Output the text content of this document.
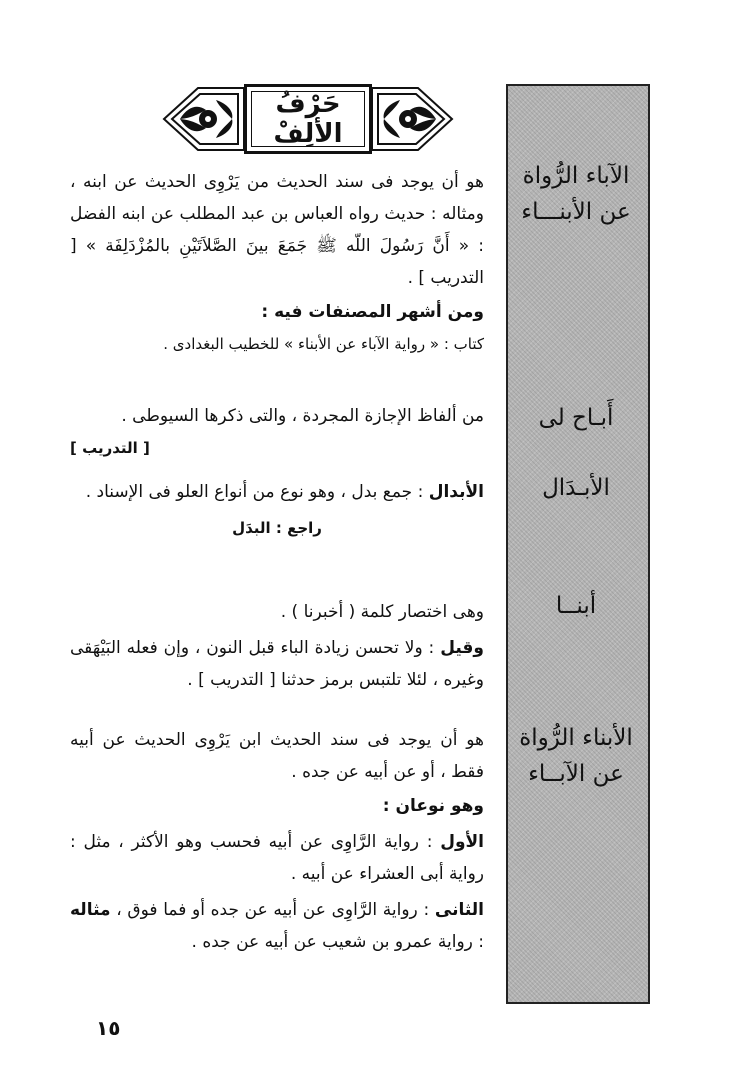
حَرْفُ
الألِفْ
الآباء الرُّواة عن الأبنـــاء
أَبـاح لى
الأبـدَال
أبنــا
الأبناء الرُّواة عن الآبــاء
هو أن يوجد فى سند الحديث من يَرْوِى الحديث عن ابنه ، ومثاله : حديث رواه العباس بن عبد المطلب عن ابنه الفضل : « أَنَّ رَسُولَ اللّه ﷺ جَمَعَ بينَ الصَّلاَتَيْنِ بالمُزْدَلِفَة » [ التدريب ] .
ومن أشهر المصنفات فيه :
كتاب : « رواية الآباء عن الأبناء » للخطيب البغدادى .
من ألفاظ الإجازة المجردة ، والتى ذكرها السيوطى .
[ التدريب ]
الأبدال : جمع بدل ، وهو نوع من أنواع العلو فى الإسناد .
راجع : البدَل
وهى اختصار كلمة ( أخبرنا ) .
وقيل : ولا تحسن زيادة الباء قبل النون ، وإن فعله البَيْهَقى وغيره ، لئلا تلتبس برمز حدثنا [ التدريب ] .
هو أن يوجد فى سند الحديث ابن يَرْوِى الحديث عن أبيه فقط ، أو عن أبيه عن جده .
وهو نوعان :
الأول : رواية الرَّاوِى عن أبيه فحسب وهو الأكثر ، مثل : رواية أبى العشراء عن أبيه .
الثانى : رواية الرَّاوِى عن أبيه عن جده أو فما فوق ، مثاله : رواية عمرو بن شعيب عن أبيه عن جده .
١٥
